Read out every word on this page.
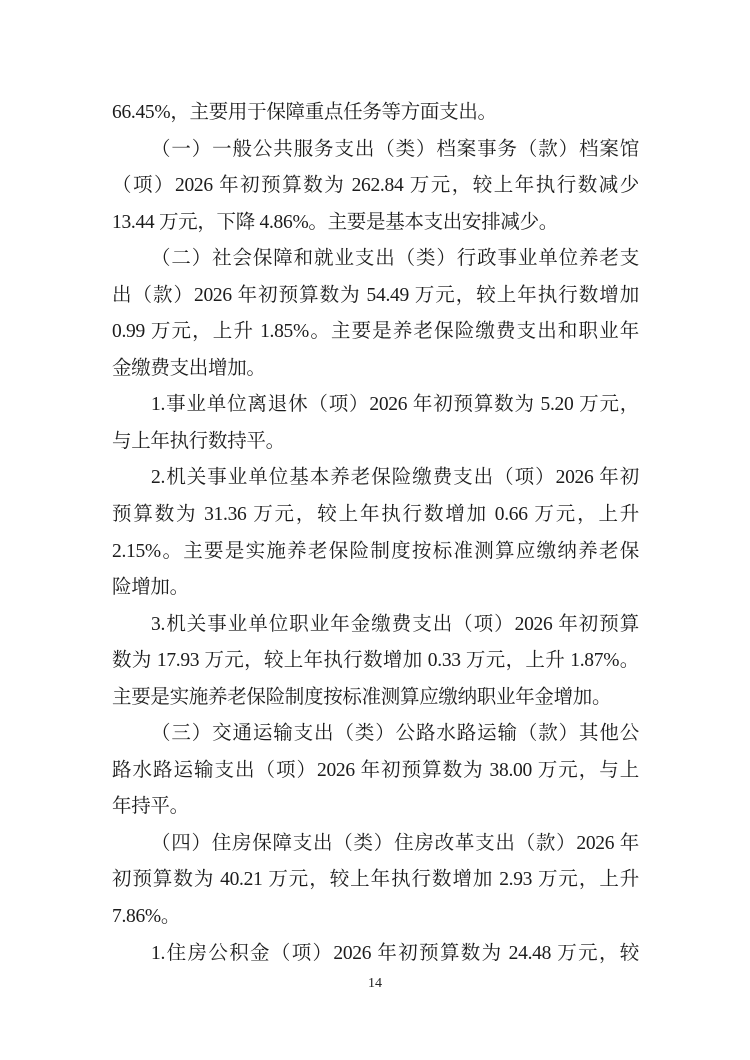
66.45%，主要用于保障重点任务等方面支出。
（一）一般公共服务支出（类）档案事务（款）档案馆
（项）2026 年初预算数为 262.84 万元，较上年执行数减少
13.44 万元，下降 4.86%。主要是基本支出安排减少。
（二）社会保障和就业支出（类）行政事业单位养老支
出（款）2026 年初预算数为 54.49 万元，较上年执行数增加
0.99 万元，上升 1.85%。主要是养老保险缴费支出和职业年
金缴费支出增加。
1.事业单位离退休（项）2026 年初预算数为 5.20 万元，
与上年执行数持平。
2.机关事业单位基本养老保险缴费支出（项）2026 年初
预算数为 31.36 万元，较上年执行数增加 0.66 万元，上升
2.15%。主要是实施养老保险制度按标准测算应缴纳养老保
险增加。
3.机关事业单位职业年金缴费支出（项）2026 年初预算
数为 17.93 万元，较上年执行数增加 0.33 万元，上升 1.87%。
主要是实施养老保险制度按标准测算应缴纳职业年金增加。
（三）交通运输支出（类）公路水路运输（款）其他公
路水路运输支出（项）2026 年初预算数为 38.00 万元，与上
年持平。
（四）住房保障支出（类）住房改革支出（款）2026 年
初预算数为 40.21 万元，较上年执行数增加 2.93 万元，上升
7.86%。
1.住房公积金（项）2026 年初预算数为 24.48 万元，较
14
